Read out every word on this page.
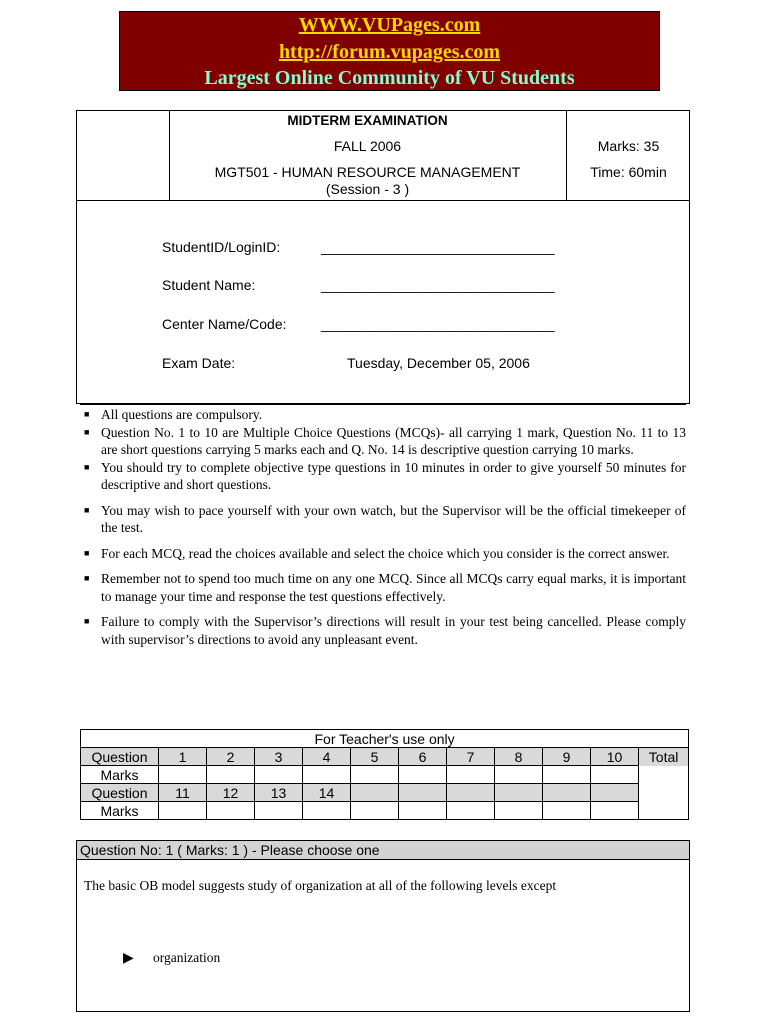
WWW.VUPages.com
http://forum.vupages.com
Largest Online Community of VU Students
MIDTERM EXAMINATION
FALL 2006
MGT501 - HUMAN RESOURCE MANAGEMENT
(Session - 3 )
Marks: 35
Time: 60min
StudentID/LoginID:	______________________________
Student Name:	______________________________
Center Name/Code: ______________________________
Exam Date:	Tuesday, December 05, 2006
■ All questions are compulsory.
■ Question No. 1 to 10 are Multiple Choice Questions (MCQs)- all carrying 1 mark, Question No. 11 to 13 are short questions carrying 5 marks each and Q. No. 14 is descriptive question carrying 10 marks.
■ You should try to complete objective type questions in 10 minutes in order to give yourself 50 minutes for descriptive and short questions.
■ You may wish to pace yourself with your own watch, but the Supervisor will be the official timekeeper of the test.
■ For each MCQ, read the choices available and select the choice which you consider is the correct answer.
■ Remember not to spend too much time on any one MCQ. Since all MCQs carry equal marks, it is important to manage your time and response the test questions effectively.
■ Failure to comply with the Supervisor’s directions will result in your test being cancelled. Please comply with supervisor’s directions to avoid any unpleasant event.
For Teacher's use only											
Question	1	2	3	4	5	6	7	8	9	10	Total
Marks											
Question	11	12	13	14							
Marks											
Question No: 1 ( Marks: 1 ) - Please choose one
The basic OB model suggests study of organization at all of the following levels except
▶ organization
